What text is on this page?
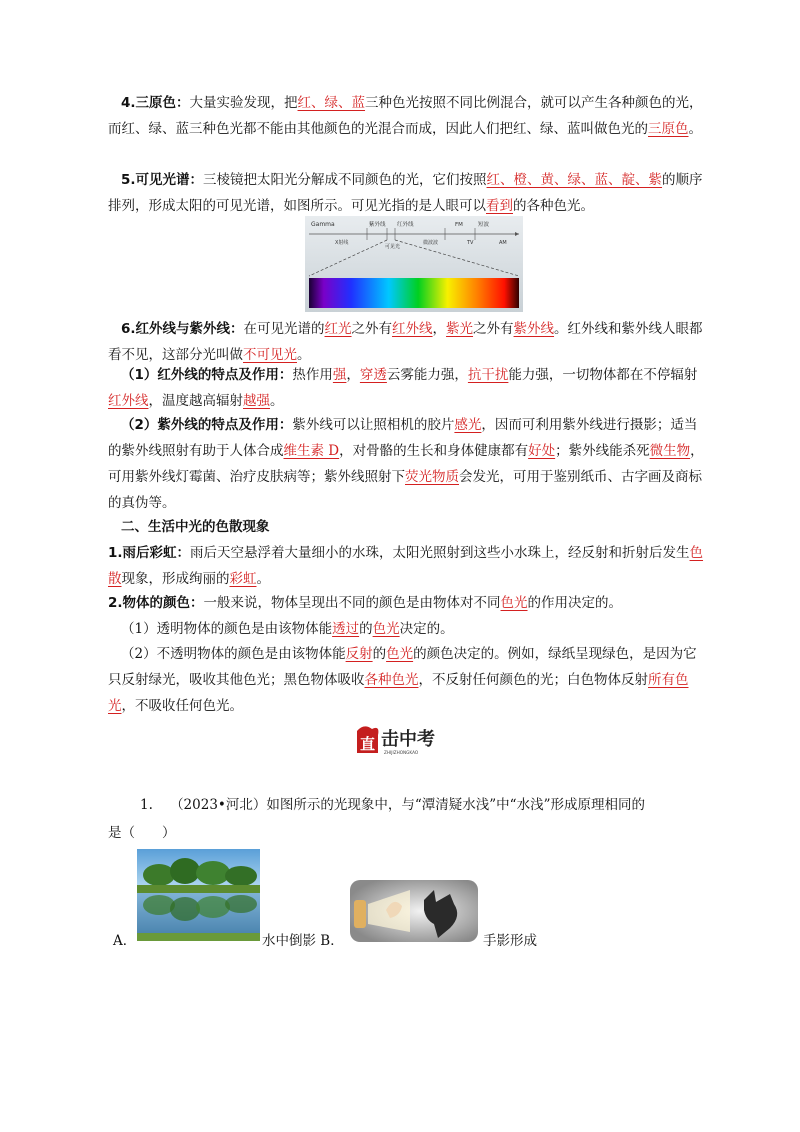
4.三原色：大量实验发现，把红、绿、蓝三种色光按照不同比例混合，就可以产生各种颜色的光，而红、绿、蓝三种色光都不能由其他颜色的光混合而成，因此人们把红、绿、蓝叫做色光的三原色。

5.可见光谱：三棱镜把太阳光分解成不同颜色的光，它们按照红、橙、黄、绿、蓝、靛、紫的顺序排列，形成太阳的可见光谱，如图所示。可见光指的是人眼可以看到的各种色光。

Gamma
X射线
紫外线 红外线
可见光
微波波
FM	短波
TV	AM

6.红外线与紫外线：在可见光谱的红光之外有红外线，紫光之外有紫外线。红外线和紫外线人眼都看不见，这部分光叫做不可见光。

（1）红外线的特点及作用：热作用强，穿透云雾能力强，抗干扰能力强，一切物体都在不停辐射红外线，温度越高辐射越强。

（2）紫外线的特点及作用：紫外线可以让照相机的胶片感光，因而可利用紫外线进行摄影；适当的紫外线照射有助于人体合成维生素 D，对骨骼的生长和身体健康都有好处；紫外线能杀死微生物，可用紫外线灯霉菌、治疗皮肤病等；紫外线照射下荧光物质会发光，可用于鉴别纸币、古字画及商标的真伪等。

二、生活中光的色散现象

1.雨后彩虹：雨后天空悬浮着大量细小的水珠，太阳光照射到这些小水珠上，经反射和折射后发生色散现象，形成绚丽的彩虹。

2.物体的颜色：一般来说，物体呈现出不同的颜色是由物体对不同色光的作用决定的。

（1）透明物体的颜色是由该物体能透过的色光决定的。

（2）不透明物体的颜色是由该物体能反射的色光的颜色决定的。例如，绿纸呈现绿色，是因为它只反射绿光，吸收其他色光；黑色物体吸收各种色光，不反射任何颜色的光；白色物体反射所有色光，不吸收任何色光。

直 击中考
ZHIJIZHONGKAO
1. （2023•河北）如图所示的光现象中，与“潭清疑水浅”中“水浅”形成原理相同的
是（　　）
A．	水中倒影 B．	手影形成
